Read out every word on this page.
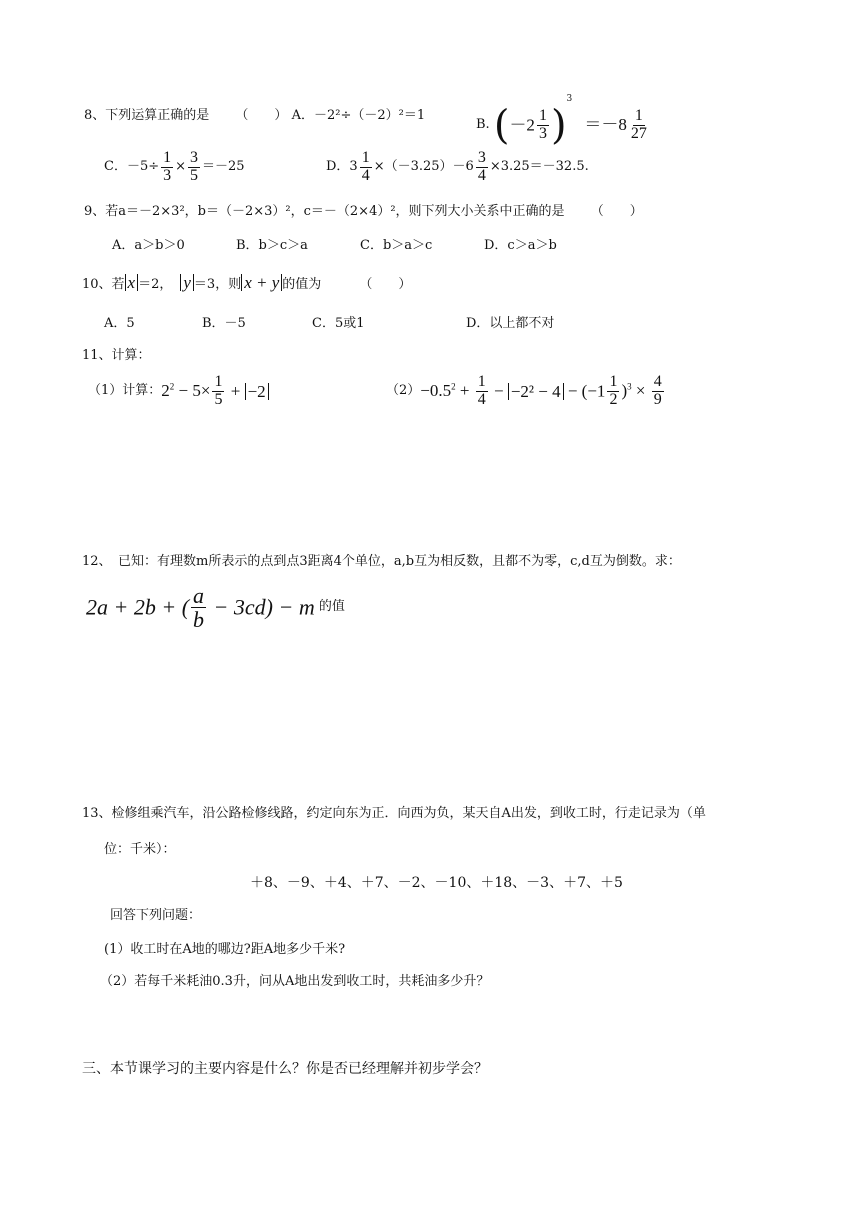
8、下列运算正确的是 （　　） A．－2²÷（－2）²＝1
B. $(-2 \frac{1}{3} )^3 =-8 \frac{1}{27}$
C．$-5\div \frac{1}{3} \times \frac{3}{5} =-25$	D．$3 \frac{1}{4} \times(-3.25)-6 \frac{3}{4} \times 3.25=-32.5$.
9、若a＝－2×3²，b＝（－2×3）²，c＝－（2×4）²，则下列大小关系中正确的是 （　　）
A．a＞b＞0	B．b＞c＞a	C．b＞a＞c	D．c＞a＞b
10、若 x ＝2， y ＝3，则 x + y 的值为	（　　）
A．5	B．－5	C．5或1	D．以上都不对
11、计算：
（1）计算：$2^2 - 5\times \frac{1}{5} + -2$	$(2)-0.5^2 + \frac{1}{4} - -2^2 - 4 - (-1 \frac{1}{2} )^3 \times \frac{4}{9}$
12、　已知：有理数m所表示的点到点3距离4个单位，a,b互为相反数，且都不为零，c,d互为倒数。求：
2a + 2b + ( $\frac{a}{b} - 3cd) - m$ 的值
13、检修组乘汽车，沿公路检修线路，约定向东为正．向西为负，某天自A出发，到收工时，行走记录为（单
位：千米）：
＋8、－9、＋4、＋7、－2、－10、＋18、－3、＋7、＋5
回答下列问题：
(1）收工时在A地的哪边?距A地多少千米?
（2）若每千米耗油0.3升，问从A地出发到收工时，共耗油多少升？
三、本节课学习的主要内容是什么？你是否已经理解并初步学会？
